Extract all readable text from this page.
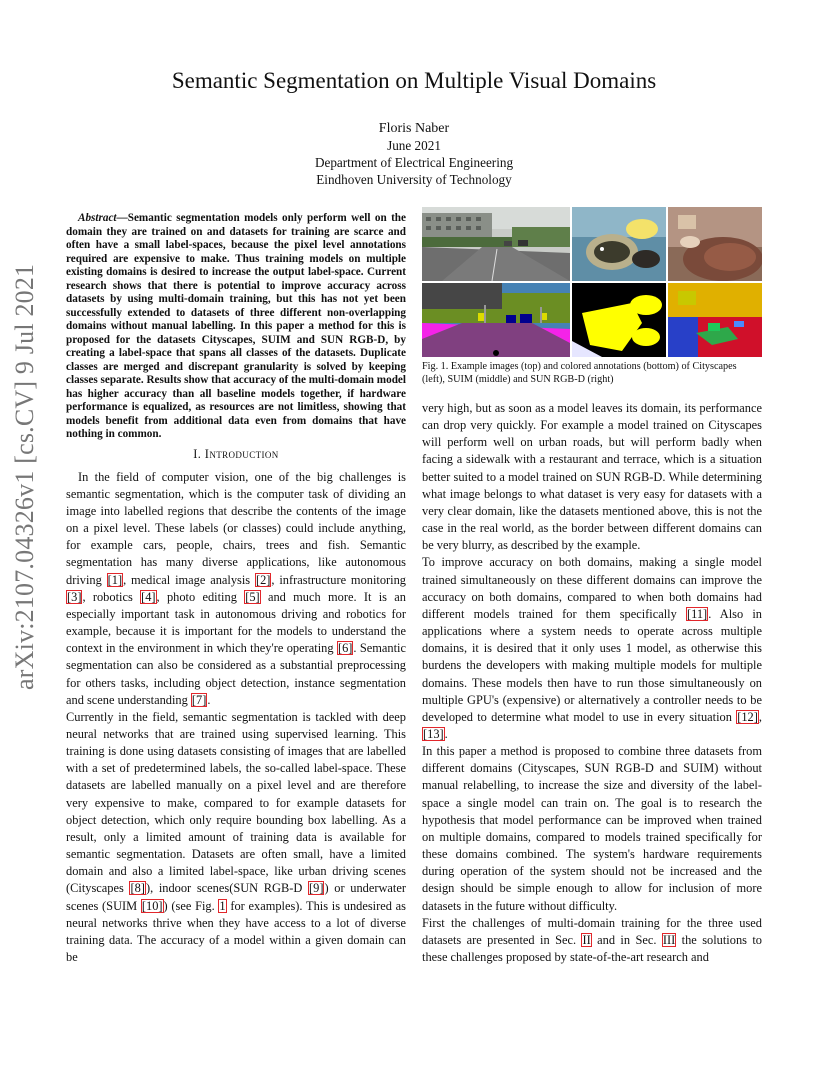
arXiv:2107.04326v1 [cs.CV] 9 Jul 2021
Semantic Segmentation on Multiple Visual Domains
Floris Naber
June 2021
Department of Electrical Engineering
Eindhoven University of Technology

Abstract—Semantic segmentation models only perform well on the domain they are trained on and datasets for training are scarce and often have a small label-spaces, because the pixel level annotations required are expensive to make. Thus training models on multiple existing domains is desired to increase the output label-space. Current research shows that there is potential to improve accuracy across datasets by using multi-domain training, but this has not yet been successfully extended to datasets of three different non-overlapping domains without manual labelling. In this paper a method for this is proposed for the datasets Cityscapes, SUIM and SUN RGB-D, by creating a label-space that spans all classes of the datasets. Duplicate classes are merged and discrepant granularity is solved by keeping classes separate. Results show that accuracy of the multi-domain model has higher accuracy than all baseline models together, if hardware performance is equalized, as resources are not limitless, showing that models benefit from additional data even from domains that have nothing in common.

I. Introduction

In the field of computer vision, one of the big challenges is semantic segmentation, which is the computer task of dividing an image into labelled regions that describe the contents of the image on a pixel level. These labels (or classes) could include anything, for example cars, people, chairs, trees and fish. Semantic segmentation has many diverse applications, like autonomous driving [1], medical image analysis [2], infrastructure monitoring [3], robotics [4], photo editing [5] and much more. It is an especially important task in autonomous driving and robotics for example, because it is important for the models to understand the context in the environment in which they're operating [6]. Semantic segmentation can also be considered as a substantial preprocessing for others tasks, including object detection, instance segmentation and scene understanding [7].

Currently in the field, semantic segmentation is tackled with deep neural networks that are trained using supervised learning. This training is done using datasets consisting of images that are labelled with a set of predetermined labels, the so-called label-space. These datasets are labelled manually on a pixel level and are therefore very expensive to make, compared to for example datasets for object detection, which only require bounding box labelling. As a result, only a limited amount of training data is available for semantic segmentation. Datasets are often small, have a limited domain and also a limited label-space, like urban driving scenes (Cityscapes [8]), indoor scenes(SUN RGB-D [9]) or underwater scenes (SUIM [10]) (see Fig. 1 for examples). This is undesired as neural networks thrive when they have access to a lot of diverse training data. The accuracy of a model within a given domain can be

Fig. 1. Example images (top) and colored annotations (bottom) of Cityscapes (left), SUIM (middle) and SUN RGB-D (right)

very high, but as soon as a model leaves its domain, its performance can drop very quickly. For example a model trained on Cityscapes will perform well on urban roads, but will perform badly when facing a sidewalk with a restaurant and terrace, which is a situation better suited to a model trained on SUN RGB-D. While determining what image belongs to what dataset is very easy for datasets with a very clear domain, like the datasets mentioned above, this is not the case in the real world, as the border between different domains can be very blurry, as described by the example.

To improve accuracy on both domains, making a single model trained simultaneously on these different domains can improve the accuracy on both domains, compared to when both domains had different models trained for them specifically [11]. Also in applications where a system needs to operate across multiple domains, it is desired that it only uses 1 model, as otherwise this burdens the developers with making multiple models for multiple domains. These models then have to run those simultaneously on multiple GPU's (expensive) or alternatively a controller needs to be developed to determine what model to use in every situation [12], [13].

In this paper a method is proposed to combine three datasets from different domains (Cityscapes, SUN RGB-D and SUIM) without manual relabelling, to increase the size and diversity of the label-space a single model can train on. The goal is to research the hypothesis that model performance can be improved when trained on multiple domains, compared to models trained specifically for these domains combined. The system's hardware requirements during operation of the system should not be increased and the design should be simple enough to allow for inclusion of more datasets in the future without difficulty.

First the challenges of multi-domain training for the three used datasets are presented in Sec. II and in Sec. III the solutions to these challenges proposed by state-of-the-art research and
